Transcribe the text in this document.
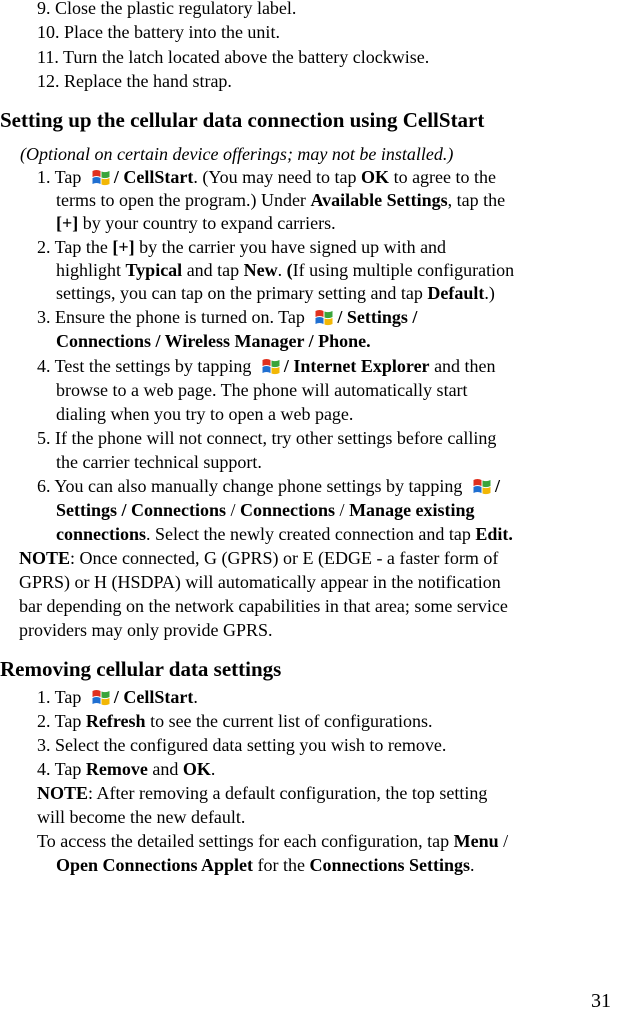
9. Close the plastic regulatory label.
10. Place the battery into the unit.
11. Turn the latch located above the battery clockwise.
12. Replace the hand strap.
Setting up the cellular data connection using CellStart
(Optional on certain device offerings; may not be installed.)
1. Tap / CellStart. (You may need to tap OK to agree to the
terms to open the program.) Under Available Settings, tap the
[+] by your country to expand carriers.
2. Tap the [+] by the carrier you have signed up with and
highlight Typical and tap New. (If using multiple configuration
settings, you can tap on the primary setting and tap Default.)
3. Ensure the phone is turned on. Tap / Settings /
Connections / Wireless Manager / Phone.
4. Test the settings by tapping / Internet Explorer and then
browse to a web page. The phone will automatically start
dialing when you try to open a web page.
5. If the phone will not connect, try other settings before calling
the carrier technical support.
6. You can also manually change phone settings by tapping /
Settings / Connections / Connections / Manage existing
connections. Select the newly created connection and tap Edit.
NOTE: Once connected, G (GPRS) or E (EDGE - a faster form of
GPRS) or H (HSDPA) will automatically appear in the notification
bar depending on the network capabilities in that area; some service
providers may only provide GPRS.
Removing cellular data settings
1. Tap / CellStart.
2. Tap Refresh to see the current list of configurations.
3. Select the configured data setting you wish to remove.
4. Tap Remove and OK.
NOTE: After removing a default configuration, the top setting
will become the new default.
To access the detailed settings for each configuration, tap Menu /
Open Connections Applet for the Connections Settings.
31
